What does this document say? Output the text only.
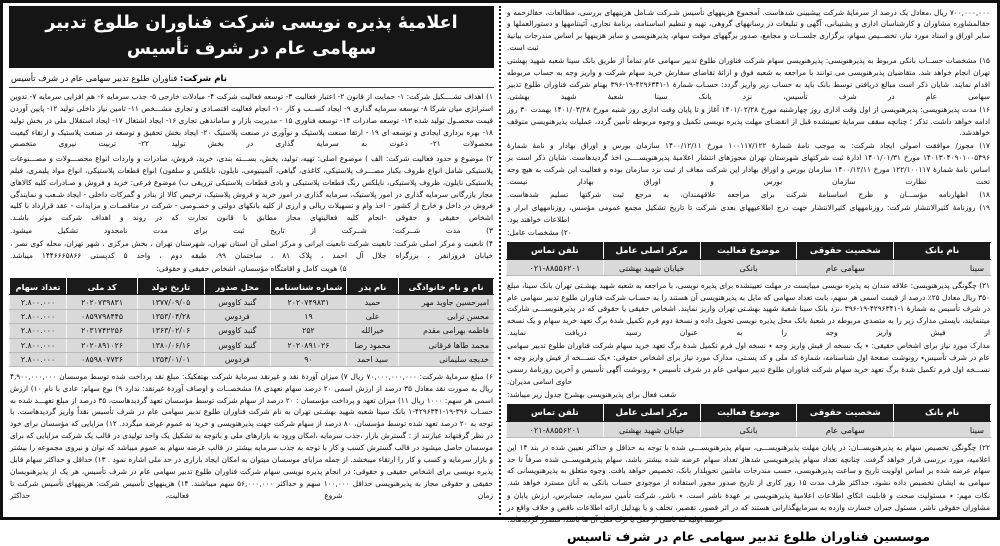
۷۰۰,۰۰۰,۰۰۰ ریال ،معادل یک درصد از سرمایهٔ شرکت پیشبینی شدهاست. آمجموع هزینههای تأسیس شـرکت شـامل هزینههای بررسی، مطالعات، حقالزحمه و حقالمشاوره مشاوران و کارشناسان اداری و پشتیبانی، آگهی و تبلیغات در رسانههای گروهی، تهیه و تنظیم اساسنامه، برنامهٔ تجاری، آئیننامهها و دستورالعملها و سایر اوراق و اسناد مورد نیاز، تخصــیص سهام، برگزاری جلســات و مجامع، صدور برگههای موقت سهام، پذیرهنویسی و سایر هزینهها بر اساس مندرجات بیانیهٔ ثبت است.
۱۵) مشخصات حســاب بانکی مربوط به پذیرهنویسی: پذیرهنویسی سهام شرکت فناوران طلوع تدبیر سهامی عام تماماً از طریق بانک سینا شعبه شهید بهشتی تهران انجام خواهد شد. متقاضیان پذیرهنویسی می توانند با مراجعه به شعبه فوق و ارائهٔ تقاضای سفارش خرید سهام شرکت و واریز وجه به حساب مربوطه اقدام نمایند. شایان ذکر است مبالغ دریافتی توسط بانک باید به حساب زیر واریز گردد: حسـاب شمارهٔ ۱-۴۲۹۶۳۴۱-۱۹-۳۹۶ بهنام شرکت فناوران طلوع تدبیر سهامی عام در شرف تأسیس، نزد بانک سینا شعبهٔ شهید بهشتی.
۱۶) مدت پذیرهنویسی: پذیرهنویسی از اول وقت اداری روز چهارشنبه مورخ ۱۴۰۱/۰۲/۲۸ آغاز و تا پایان وقت اداری روز شنبه مورخ ۱۴۰۱/۰۳/۲۸ بهمدت ۳۰ روز ادامه خواهد داشت. تذکر ؛ چنانچه سقف سرمایهٔ تعیینشده قبل از انقضـای مهلت پذیره نویسی تکمیل و وجوه مربوطه تأمین گردد، عملیات پذیرهنویسی متوقف خواهدشد.
۱۷) مجوز/ موافقت اصولی ایجاد شرکت: به موجب نامهٔ شمارهٔ ۱۰۰۱۱۷/۱۲۲ مورخ ۱۴۰۰/۱۲/۱۱ سازمان بورس و اوراق بهادار و نامهٔ شمارهٔ ۱۴۰۱۳۰۴۰۹۰۱۰۰۵۴۹۶ مورخ ۱۴۰۱/۰۱/۳۱ ادارهٔ ثبت شرکتهای شهرستان تهران مجوزهای انتشار اعلامیهٔ پذیرهنویســــی اخذ گردیدهاست. شایان ذکر است بر اساس نامهٔ شمارهٔ ۱۲۲/۱۰۰۱۱۷ مورخ ۱۴۰۰/۱۲/۱۱ سازمان بورس و اوراق بهادار این شرکت معاف از ثبت نزد سازمان بوده و فعالیت این شرکت به هیچ وجه تحت نظارت سازمان بورس و اوراق بهادار نیست.
۱۸) اظهارنامه مؤســـان و طرح اساسنامهٔ شرکت برای مراجعه علاقهمندان، به مرجع ثبت شرکتها تسلیم شدهاست.
۱۹) روزنامهٔ کثیرالانتشار شرکت: روزنامههای کثیرالانتشار جهت درج اطلاعیههای بعدی شرکت تا تاریخ تشکیل مجمع عمومی مؤسس، روزنامههای ابرار و اطلاعات خواهند بود.
۲۰) مشخصات عامل:
نام بانک	شخصیت حقوقی	موضوع فعالیت	مرکز اصلی عامل	تلفن تماس
سینا	سهامی عام	بانکی	خیابان شهید بهشتی	۰۲۱-۸۸۵۵۶۲۰۱
۲۱) چگونگی پذیرهنویسی: علاقه مندان به پذیره نویسی میبایست در مهلت تعیینشده برای پذیره نویسی، با مراجعه به شعبه شهید بهشـتی تهران بانک سینا، مبلغ ۳۵۰ ریال معادل ۲۵٪ درصد از قیمت اسمی هر سهم، بابت تعداد سهامی که مایل به پذیرهنویسی آن هستند را به حسـاب شرکت فناوران طلوع تدبیر سهامی عام در شرف تأسیس به شمارهٔ ۱-۴۲۹۶۳۴۱-۱۹-۳۹۶ ،نزد بانک سینا شعبهٔ شهید بهشـتی تهران واریز نمایند. اشخاص حقیقی یا حقوقی که در پذیرهنویســـی شارکت میتنمایند، بایستی مدارک زیر را به متصدی مربوطه در شعبهٔ بانک محل پذیره نویسی تحویل داده و نسخهٔ دوم فرم تکمیل شدهٔ برگ تعهد خرید سهام و یک نسخه از فیش واریز وجه را به عنوان رسید دریافت نمایند.
مدارک مورد نیاز برای اشخاص حقیقی: ٭ یک نسخه از فیش واریز وجه ٭ نسخه اول فرم تکمیل شدهٔ برگ تعهد خرید سهام شرکت فناوران طلوع تدبیر سهامی عام در شرف تأسیس٭ رونوشت صفحهٔ اول شناسنامه، شمارهٔ کد ملی و کد پسـتی، مدارک مورد نیاز برای اشخاص حقوقی: ٭یک نســـخه از فیش واریز وجه ٭ نســـخه اول فرم تکمیل شدهٔ برگ تعهد خرید سهام شرکت فناوران طلوع تدبیر سهامی عام در شرف تأسیس ٭ رونوشت آگهی تأسیس و آخرین روزنامهٔ رسمی حاوی اسامی مدیران.
شعب فعال برای پذیرهنویسی بهشرح جدول زیر میباشد:
نام بانک	شخصیت حقوقی	موضوع فعالیت	مرکز اصلی عامل	تلفن تماس
سینا	سهامی عام	بانکی	خیابان شهید بهشتی	۰۲۱-۸۸۵۵۶۲۰۱
۲۲) چگونگی تخصیص سهام به پذیرهنویســان: در پایان مهلت پذیرهنویســـی، سهام پذیرهنویســـی شده با توجه به حداقل و حداکثر تعیین شده در بند ۱۴ این اعلامیه، مورد بررسی قرار خواهد گرفت. چنانچه تعداد سهام پذیرهنویسی شدهاز تعداد سهام عرضه شده بیشتر باشد، سهام پذیرهنویســی شده صرفاً تا حد سهام عرضه شده بر اساس اولویت تاریخ و ساعت پذیرهنویسی، حسب مندرجات ماشین تحویلدار بانک، تخصیص خواهد یافت. وجوه متعلق به پذیرهنویسانی که سهامی به ایشان تخصیص داده نشود، حداکثر ظرف مدت ۱۵ روز کاری از تاریخ صدور مجوز استفاده از موجودی حساب بانکی به آنان مسترد خواهد شد.
نکات مهم: ٭ مسئولیت صحت و قابلیت اتکای اطلاعات اعلامیهٔ پذیرهنویسی بر عهدهٔ ناشر است. ٭ ناشر، شرکت تأمین سرمایه، حسابرس، ارزش یابان و مشاوران حقوقی ناشر، مسئول جبران خسارت وارده به سرمایهگذارانی هستند که در اثر قصور، تقصیر، تخلف و یا بهدلیل ارائه اطلاعات ناقص و خلاف واقع در عرضهٔ اولیه که ناشی از فعل یا ترک فعل آن ها باشد، متضرر گردیدهاند.
موسسین فناوران طلوع تدبیر سهامی عام در شرف تاسیس
اعلامیهٔ پذیره نویسی شرکت فناوران طلوع تدبیر سهامی عام در شرف تأسیس
نام شرکت: فناوران طلوع تدبیر سهامی عام در شرف تأسیس
۱) اهداف تشــــکیل شرکت: ۱- حمایت از قانون ۲- اعتبار فعالیت ۳- توسعه فعالیت شرکت ۴- مبادلات خارجی ۵- جذب سرمایه ۶- هم افزایی سرمایه ۷- تدوین استراتژی میان شرکا ۸- توسعه سرمایه گذاری ۹- ایجاد کســب و کار ۱۰- انجام فعالیت اقتصـادی و تجاری مشـــخص ۱۱- تامین نیاز داخلی تولید ۱۲- پایین آوردن قیمت محصـول تولید شده ۱۳- توسعه صادرات ۱۴- توسعه فناوری ۱۵ - مدیریت بازار و ساماندهی تجاری ۱۶- ایجاد اشتغال ۱۷- ایجاد استقلال ملی در بخش تولید ۱۸- بهره برداری ایجادی و توسعه ای ۱۹ - ارتقا صنعت پلاستیک و نوآوری در صنعت پلاستیک ۲۰- ایجاد بخش تحقیق و توسعه در صنعت پلاستیک و ارتقاء کیفیت محصولات ۲۱- دعوت به سرمایه گذاری در بخش تولید ۲۲- تربیت نیروی متخصص
۲) موضوع و حدود فعالیت شرکت: الف ) موضوع اصلی: تهیه، تولید، پخش، بســـته بندی، خرید، فروش، صادرات و واردات انواع محصـــولات و مصـــنوعات پلاستیکی شامل انواع ظروف یکبار مصـــرف پلاستیکی، کاغذی، گیاهی، آلمینیومی، نایلون، نایلکس و سلفون) انواع قطعات پلاستیکی، انواع مواد پلیمری، فیلم پلاستیکی نایلون، ظروف پلاستیکی، نایلکس رنگ قطعات پلاستیکی و بادی قطعات پلاستیکی تزریقی ب) موضوع فرعی: خرید و فروش و صـادرات کلیه کالاهای مجاز بازرگانی سرمایه گذاری در امور پلاستیک، سرمایه گذاری در امور خرید و فروش پلاستیک، ترخیص کالا از بنادر و گمرکات داخلی - ایجاد شـعب و نمایندگی فروش در داخل و خارج از کشور - اخذ وام و تسهیلات ریالی و ارزی از کلیه بانکهای دولتی و خصـوصی - شرکت در مناقصـات و مزایدات - عقد قرارداد با کلیه اشخاص حقیقی و حقوقی -انجام کلیه فعالیتهای مجاز مطابق با قانون تجارت که در روند و اهداف شرکت موثر باشـد.
۳) مدت شــرکت: شــرکت از تاریخ ثبت برای مدت نامحدود تشکیل میشود.
۴) تابعیت و مرکز اصلی شرکت: تابعیت شرکت تابعیت ایرانی و مرکز اصلی آن استان تهران، شهرستان تهران ، بخش مرکزی ، شهر تهران، محله کوی نصر ، خیابان فروزانفر ، بزرگراه جلال آل احمد ، پلاک ۸۱ ، ساختمان ۹۹، طبقه دوم ، واحد ۵ کدپستی ۱۴۴۶۶۶۵۸۶۶ میباشد.
۵) هویت کامل و اقامتگاه مؤسسان، اشخاص حقیقی و حقوقی:
نام و نام خانوادگی	نام پدر	شماره شناسنامه	محل صدور	تاریخ تولد	کد ملی	تعداد سهام
امیرحسین جاوید مهر	حمید	۲۰۲۰۷۴۹۸۳۱	گنبد کاووس	۱۳۷۷/۰۹/۰۵	۲۰۲۰۷۳۹۸۳۱	۲.۸۰۰.۰۰۰
محسن ترابی	علی	۱۹	فردوس	۱۳۵۳/۰۴/۲۸	۰۸۵۹۷۹۸۴۴۵	۲.۸۰۰.۰۰۰
فاطمه بهرامی مقدم	خیرالله	۲۵۲	گنبد کاووس	۱۳۶۳/۰۲/۰۶	۲۰۳۱۷۴۲۲۵۶	۲.۸۰۰.۰۰۰
محمد طاها فرقانی	محمود رضا	۲۰۲۰۸۹۱۰۲۶	گنبد کاووس	۱۳۸۰/۰۶/۱۶	۲۰۲۰۸۹۱۰۲۶	۲.۸۰۰.۰۰۰
خدیجه سلیمانی	سید احمد	۹۰	فردوس	۱۳۵۴/۰۱/۰۱	۰۸۵۹۸۰۷۷۳۶	۲.۸۰۰.۰۰۰
۶) مبلغ سرمایهٔ شرکت: ۷۰,۰۰۰,۰۰۰,۰۰۰ ریال ۷) میزان آوردهٔ نقد و غیرنقد سرمایهٔ شرکت بهتفکیک: مبلغ نقد پرداخت شده توسط موسسان ۴,۹۰۰,۰۰۰,۰۰۰ ریال به صورت نقد معادل ۳۵ درصد از ارزش اسمی ۲۰ درصد سهام تعهدی ۸) مشخصــات و اوصاف آوردهٔ غیرنقد: ندارد ۹) نوع سهام: عادی با نام ۱۰) ارزش اسمی هر سهم: ۱۰۰۰ ریال ۱۱) میزان تعهد و پرداخت مؤسسان : ۲۰ درصد از سهام شرکت توسط مؤسسان تعهد گردیدهاست، ۳۵ درصد از مبلغ تعهـــد شده به حسـاب ۳۹۶-۱۹-۴۲۹۶۳۴۱-۱ بانک سینا شعبه شهید بهشـتی تهران به نام شرکت فناوران طلوع تدبیر سهامی عام در شرف تأسیس نقداً واریز گردیدهاست. با توجه به ۲۰ درصد تعهد شده توسط مؤسسان، ۸۰ درصد از سهام شرکت جهت پذیرهنویسی و خرید به عموم عرضه میگردد. ۱۲) مزایایی که مؤسسان برای خود در نظر گرفتهاند عبارتند از : گسترش بازار ،جذب سرمایه ،امکان ورود به بازارهای ملی و باتوجه به تشکیل یک واحد تولیدی در قالب یک شرکت مزایایی که برای موسسان حاصل میشود در قالب گسترش کسب و کار با توجه به جذب سرمایه بیشتر در قالب عرضه سهام به عموم میباشد که توان و نیروی مجموعه را بیشتر و بازار سرمایه و کسب و کار را ارتقاء میبخشد. از جمله مزایای موسسان میتوان به امکان ایجاد بازاری در حد ملی اشاره نمود . ۱۳) حداقل و حداکثر سهام قابل پذیره نویسی برای اشخاص حقیقی و حقوقی: در انجام پذیره نویسی سهام شرکت فناوران طلوع تدبیر سهامی عام در شرف تأسیس، هر یک از پذیرهنویسان حقیقی و حقوقی مجاز به پذیرهنویسی حداقل ۱۰۰,۰۰۰ سهم و حداکثر ۵۶,۰۰۰,۰۰۰ سهم میباشند. ۱۴) هزینههای تأسیس شرکت: هزینههای تأسیس شرکت تا زمان شروع فعالیت، حداکثر
